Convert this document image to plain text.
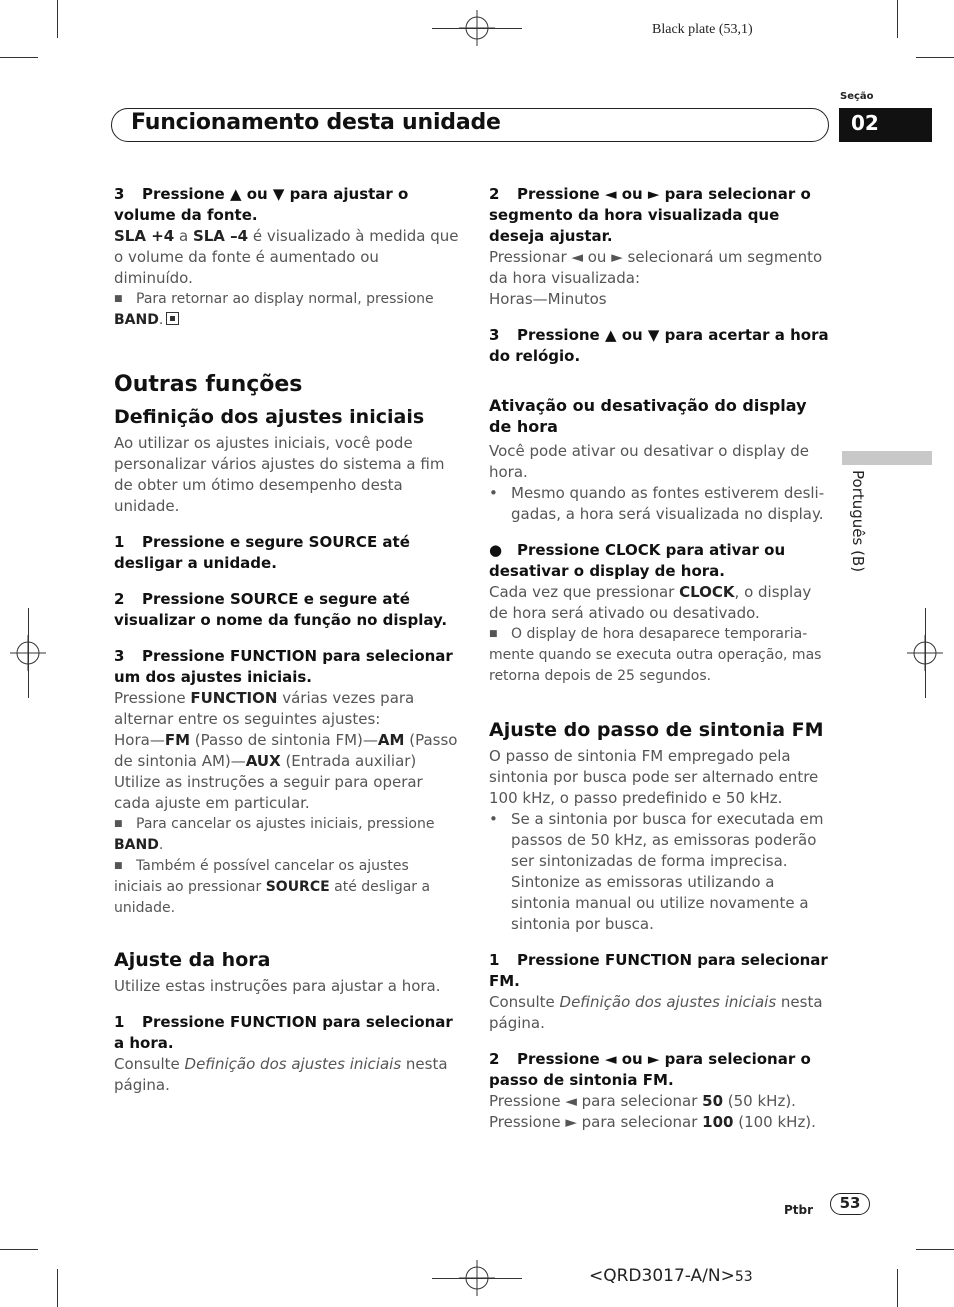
Black plate (53,1)
Seção
Funcionamento desta unidade	02
Português (B)

3 Pressione ▲ ou ▼ para ajustar o volume da fonte.

SLA +4 a SLA –4 é visualizado à medida que o volume da fonte é aumentado ou diminuído.

■ Para retornar ao display normal, pressione
BAND.

Outras funções

Definição dos ajustes iniciais

Ao utilizar os ajustes iniciais, você pode personalizar vários ajustes do sistema a fim de obter um ótimo desempenho desta unidade.

1 Pressione e segure SOURCE até desligar a unidade.

2 Pressione SOURCE e segure até visualizar o nome da função no display.

3 Pressione FUNCTION para selecionar um dos ajustes iniciais.

Pressione FUNCTION várias vezes para alternar entre os seguintes ajustes:
Hora—FM (Passo de sintonia FM)—AM (Passo de sintonia AM)—AUX (Entrada auxiliar)

Utilize as instruções a seguir para operar cada ajuste em particular.

■ Para cancelar os ajustes iniciais, pressione
BAND.

■ Também é possível cancelar os ajustes iniciais ao pressionar SOURCE até desligar a unidade.

Ajuste da hora

Utilize estas instruções para ajustar a hora.

1 Pressione FUNCTION para selecionar a hora.

Consulte Definição dos ajustes iniciais nesta página.

2 Pressione ◄ ou ► para selecionar o segmento da hora visualizada que deseja ajustar.

Pressionar ◄ ou ► selecionará um segmento da hora visualizada:

Horas—Minutos

3 Pressione ▲ ou ▼ para acertar a hora do relógio.

Ativação ou desativação do display de hora

Você pode ativar ou desativar o display de hora.

• Mesmo quando as fontes estiverem desligadas, a hora será visualizada no display.

● Pressione CLOCK para ativar ou desativar o display de hora.

Cada vez que pressionar CLOCK, o display de hora será ativado ou desativado.

■ O display de hora desaparece temporariamente quando se executa outra operação, mas retorna depois de 25 segundos.

Ajuste do passo de sintonia FM

O passo de sintonia FM empregado pela sintonia por busca pode ser alternado entre 100 kHz, o passo predefinido e 50 kHz.

• Se a sintonia por busca for executada em passos de 50 kHz, as emissoras poderão ser sintonizadas de forma imprecisa. Sintonize as emissoras utilizando a sintonia manual ou utilize novamente a sintonia por busca.

1 Pressione FUNCTION para selecionar FM.

Consulte Definição dos ajustes iniciais nesta página.

2 Pressione ◄ ou ► para selecionar o passo de sintonia FM.

Pressione ◄ para selecionar 50 (50 kHz). Pressione ► para selecionar 100 (100 kHz).

Ptbr	53
<QRD3017-A/N>53
